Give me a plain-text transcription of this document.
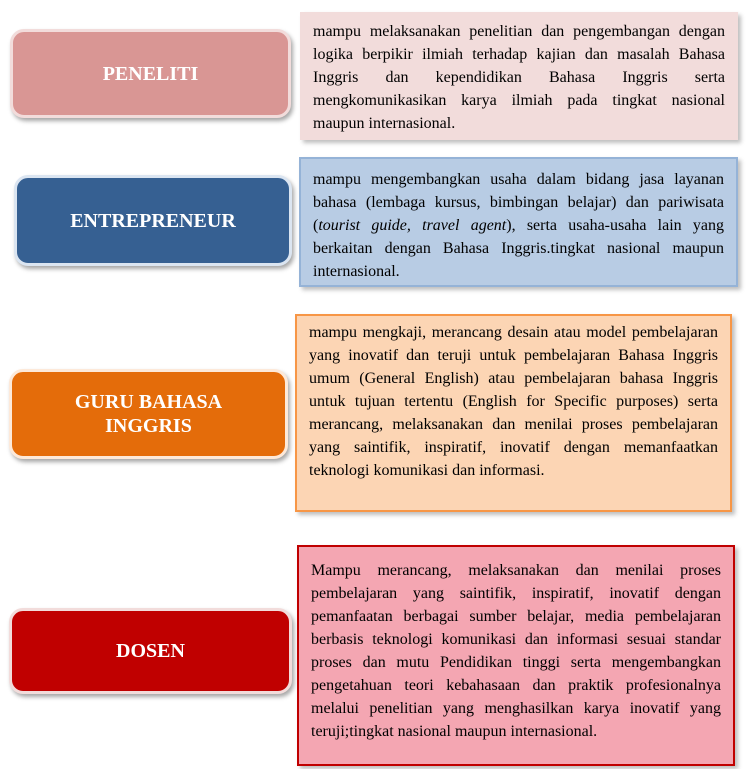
PENELITI
mampu melaksanakan penelitian dan pengembangan dengan logika berpikir ilmiah terhadap kajian dan masalah Bahasa Inggris dan kependidikan Bahasa Inggris serta mengkomunikasikan karya ilmiah pada tingkat nasional maupun internasional.
ENTREPRENEUR
mampu mengembangkan usaha dalam bidang jasa layanan bahasa (lembaga kursus, bimbingan belajar) dan pariwisata (tourist guide, travel agent), serta usaha-usaha lain yang berkaitan dengan Bahasa Inggris.tingkat nasional maupun internasional.
GURU BAHASA INGGRIS
mampu mengkaji, merancang desain atau model pembelajaran yang inovatif dan teruji untuk pembelajaran Bahasa Inggris umum (General English) atau pembelajaran bahasa Inggris untuk tujuan tertentu (English for Specific purposes) serta merancang, melaksanakan dan menilai proses pembelajaran yang saintifik, inspiratif, inovatif dengan memanfaatkan teknologi komunikasi dan informasi.
DOSEN
Mampu merancang, melaksanakan dan menilai proses pembelajaran yang saintifik, inspiratif, inovatif dengan pemanfaatan berbagai sumber belajar, media pembelajaran berbasis teknologi komunikasi dan informasi sesuai standar proses dan mutu Pendidikan tinggi serta mengembangkan pengetahuan teori kebahasaan dan praktik profesionalnya melalui penelitian yang menghasilkan karya inovatif yang teruji;tingkat nasional maupun internasional.
